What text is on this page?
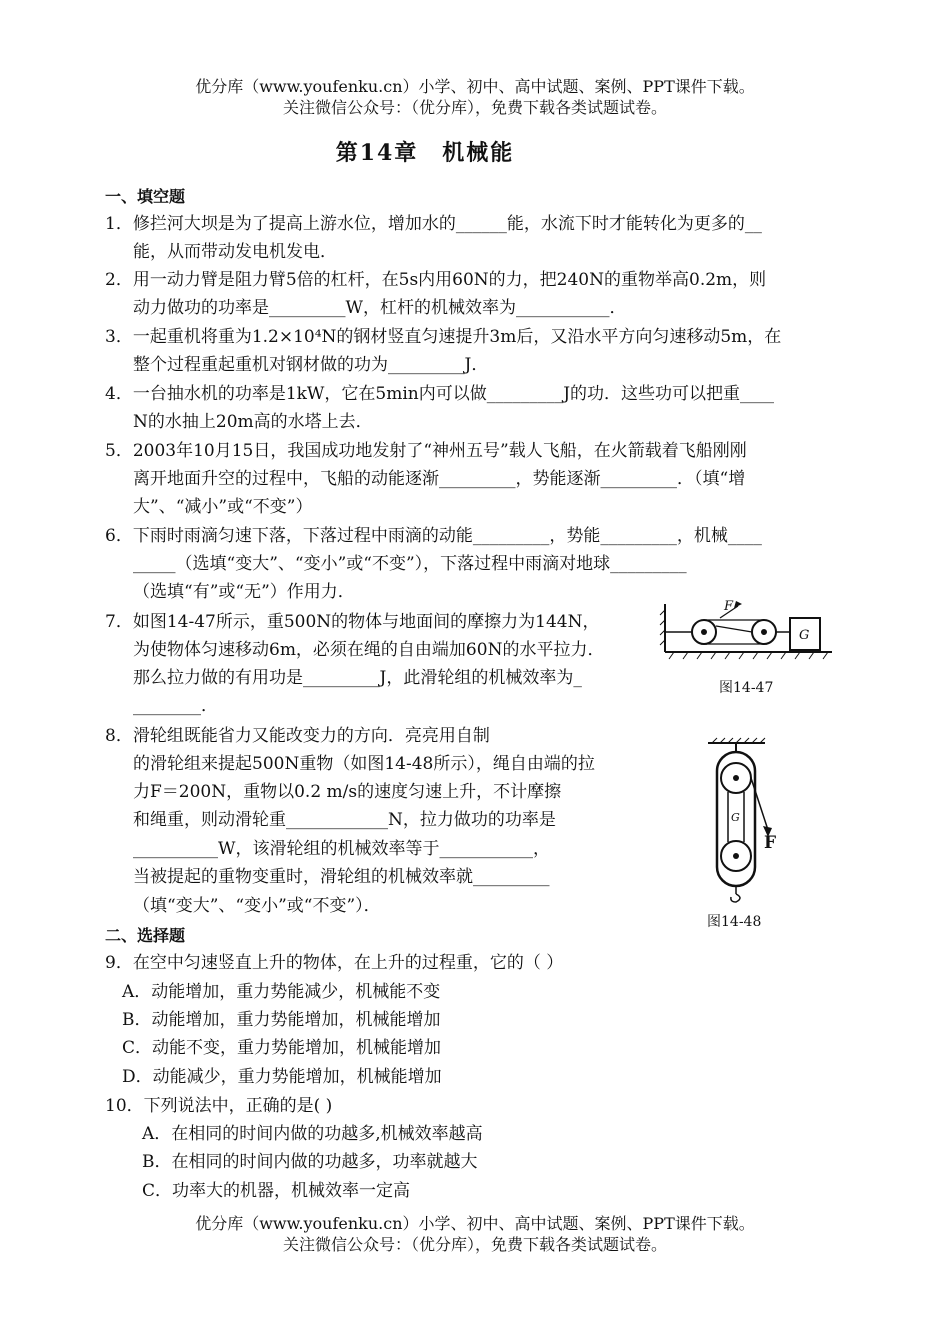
优分库（www.youfenku.cn）小学、初中、高中试题、案例、PPT课件下载。
关注微信公众号：（优分库），免费下载各类试题试卷。
第14章　机械能
一、填空题
1．修拦河大坝是为了提高上游水位，增加水的______能，水流下时才能转化为更多的__
能，从而带动发电机发电．
2．用一动力臂是阻力臂5倍的杠杆，在5s内用60N的力，把240N的重物举高0.2m，则
动力做功的功率是_________W，杠杆的机械效率为___________．
3．一起重机将重为1.2×10⁴N的钢材竖直匀速提升3m后，又沿水平方向匀速移动5m，在
整个过程重起重机对钢材做的功为_________J．
4．一台抽水机的功率是1kW，它在5min内可以做_________J的功．这些功可以把重____
N的水抽上20m高的水塔上去．
5．2003年10月15日，我国成功地发射了“神州五号”载人飞船，在火箭载着飞船刚刚
离开地面升空的过程中，飞船的动能逐渐_________，势能逐渐_________．（填“增
大”、“减小”或“不变”）
6．下雨时雨滴匀速下落，下落过程中雨滴的动能_________，势能_________，机械____
_____（选填“变大”、“变小”或“不变”），下落过程中雨滴对地球_________
（选填“有”或“无”）作用力．
7．如图14-47所示，重500N的物体与地面间的摩擦力为144N，
为使物体匀速移动6m，必须在绳的自由端加60N的水平拉力．
那么拉力做的有用功是_________J，此滑轮组的机械效率为_
________．
F
G
图14-47
8．滑轮组既能省力又能改变力的方向．亮亮用自制
的滑轮组来提起500N重物（如图14-48所示），绳自由端的拉
力F＝200N，重物以0.2 m/s的速度匀速上升，不计摩擦
和绳重，则动滑轮重____________N，拉力做功的功率是
__________W，该滑轮组的机械效率等于___________，
当被提起的重物变重时，滑轮组的机械效率就_________
（填“变大”、“变小”或“不变”）．
G
F
图14-48
二、选择题
9．在空中匀速竖直上升的物体，在上升的过程重，它的（ ）
A．动能增加，重力势能减少，机械能不变
B．动能增加，重力势能增加，机械能增加
C．动能不变，重力势能增加，机械能增加
D．动能减少，重力势能增加，机械能增加
10．下列说法中，正确的是( )
A．在相同的时间内做的功越多,机械效率越高
B．在相同的时间内做的功越多，功率就越大
C．功率大的机器，机械效率一定高
优分库（www.youfenku.cn）小学、初中、高中试题、案例、PPT课件下载。
关注微信公众号：（优分库），免费下载各类试题试卷。
